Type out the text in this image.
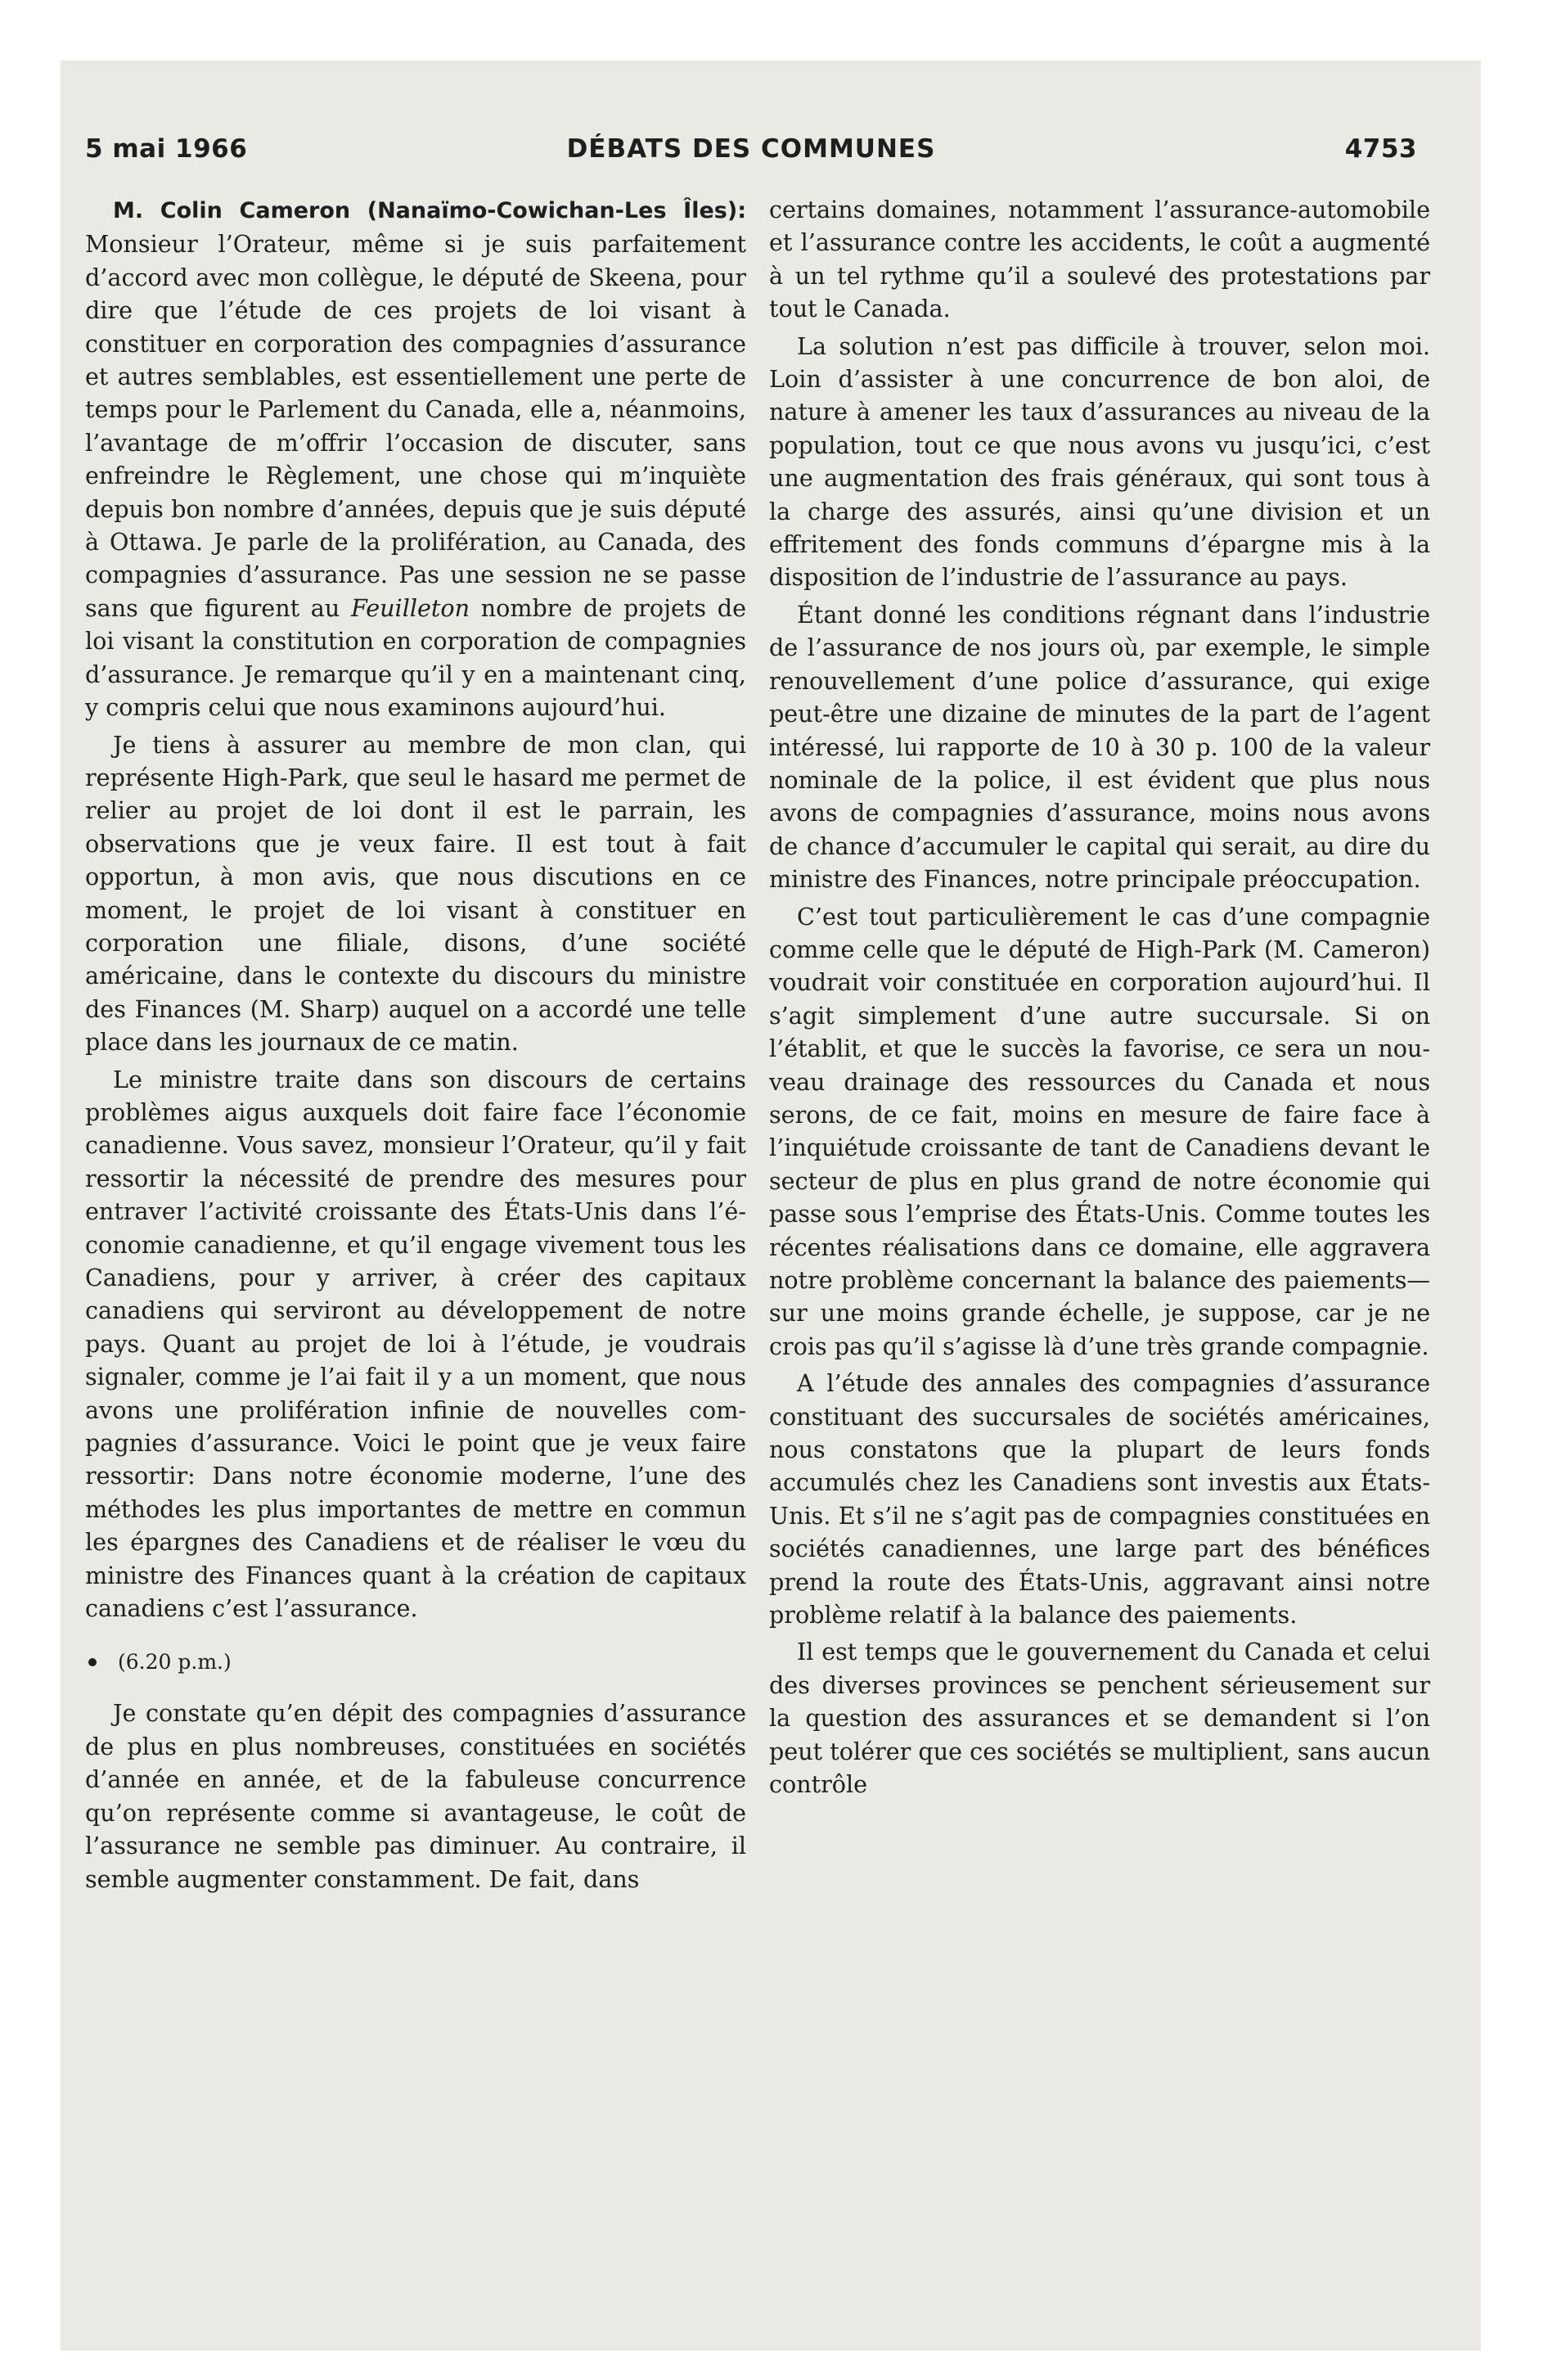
5 mai 1966	DÉBATS DES COMMUNES	4753

M. Colin Cameron (Nanaïmo-Cowichan-Les Îles): Monsieur l’Orateur, même si je suis parfaitement d’accord avec mon collègue, le député de Skeena, pour dire que l’étude de ces projets de loi visant à constituer en corporation des compagnies d’assurance et autres semblables, est essentiellement une perte de temps pour le Parlement du Canada, elle a, néanmoins, l’avantage de m’offrir l’occasion de discuter, sans enfreindre le Règlement, une chose qui m’inquiète depuis bon nombre d’années, depuis que je suis député à Ottawa. Je parle de la prolifération, au Canada, des compagnies d’assurance. Pas une session ne se passe sans que figurent au Feuilleton nombre de projets de loi visant la constitution en corporation de compagnies d’assurance. Je remarque qu’il y en a maintenant cinq, y compris celui que nous examinons aujourd’hui.

Je tiens à assurer au membre de mon clan, qui représente High-Park, que seul le hasard me permet de relier au projet de loi dont il est le parrain, les observations que je veux faire. Il est tout à fait opportun, à mon avis, que nous discutions en ce moment, le projet de loi visant à constituer en corporation une filiale, disons, d’une société américaine, dans le contexte du discours du ministre des Finances (M. Sharp) auquel on a accordé une telle place dans les journaux de ce matin.

Le ministre traite dans son discours de certains problèmes aigus auxquels doit faire face l’économie canadienne. Vous savez, monsieur l’Orateur, qu’il y fait ressortir la nécessité de prendre des mesures pour entraver l’activité croissante des États-Unis dans l’économie canadienne, et qu’il engage vivement tous les Canadiens, pour y arriver, à créer des capitaux canadiens qui serviront au développement de notre pays. Quant au projet de loi à l’étude, je voudrais signaler, comme je l’ai fait il y a un moment, que nous avons une prolifération infinie de nouvelles compagnies d’assurance. Voici le point que je veux faire ressortir: Dans notre économie moderne, l’une des méthodes les plus importantes de mettre en commun les épargnes des Canadiens et de réaliser le vœu du ministre des Finances quant à la création de capitaux canadiens c’est l’assurance.

(6.20 p.m.)

Je constate qu’en dépit des compagnies d’assurance de plus en plus nombreuses, constituées en sociétés d’année en année, et de la fabuleuse concurrence qu’on représente comme si avantageuse, le coût de l’assurance ne semble pas diminuer. Au contraire, il semble augmenter constamment. De fait, dans

certains domaines, notamment l’assurance-automobile et l’assurance contre les accidents, le coût a augmenté à un tel rythme qu’il a soulevé des protestations par tout le Canada.

La solution n’est pas difficile à trouver, selon moi. Loin d’assister à une concurrence de bon aloi, de nature à amener les taux d’assurances au niveau de la population, tout ce que nous avons vu jusqu’ici, c’est une augmentation des frais généraux, qui sont tous à la charge des assurés, ainsi qu’une division et un effritement des fonds communs d’épargne mis à la disposition de l’industrie de l’assurance au pays.

Étant donné les conditions régnant dans l’industrie de l’assurance de nos jours où, par exemple, le simple renouvellement d’une police d’assurance, qui exige peut-être une dizaine de minutes de la part de l’agent intéressé, lui rapporte de 10 à 30 p. 100 de la valeur nominale de la police, il est évident que plus nous avons de compagnies d’assurance, moins nous avons de chance d’accumuler le capital qui serait, au dire du ministre des Finances, notre principale préoccupation.

C’est tout particulièrement le cas d’une compagnie comme celle que le député de High-Park (M. Cameron) voudrait voir constituée en corporation aujourd’hui. Il s’agit simplement d’une autre succursale. Si on l’établit, et que le succès la favorise, ce sera un nouveau drainage des ressources du Canada et nous serons, de ce fait, moins en mesure de faire face à l’inquiétude croissante de tant de Canadiens devant le secteur de plus en plus grand de notre économie qui passe sous l’emprise des États-Unis. Comme toutes les récentes réalisations dans ce domaine, elle aggravera notre problème concernant la balance des paiements—sur une moins grande échelle, je suppose, car je ne crois pas qu’il s’agisse là d’une très grande compagnie.

A l’étude des annales des compagnies d’assurance constituant des succursales de sociétés américaines, nous constatons que la plupart de leurs fonds accumulés chez les Canadiens sont investis aux États-Unis. Et s’il ne s’agit pas de compagnies constituées en sociétés canadiennes, une large part des bénéfices prend la route des États-Unis, aggravant ainsi notre problème relatif à la balance des paiements.

Il est temps que le gouvernement du Canada et celui des diverses provinces se penchent sérieusement sur la question des assurances et se demandent si l’on peut tolérer que ces sociétés se multiplient, sans aucun contrôle
